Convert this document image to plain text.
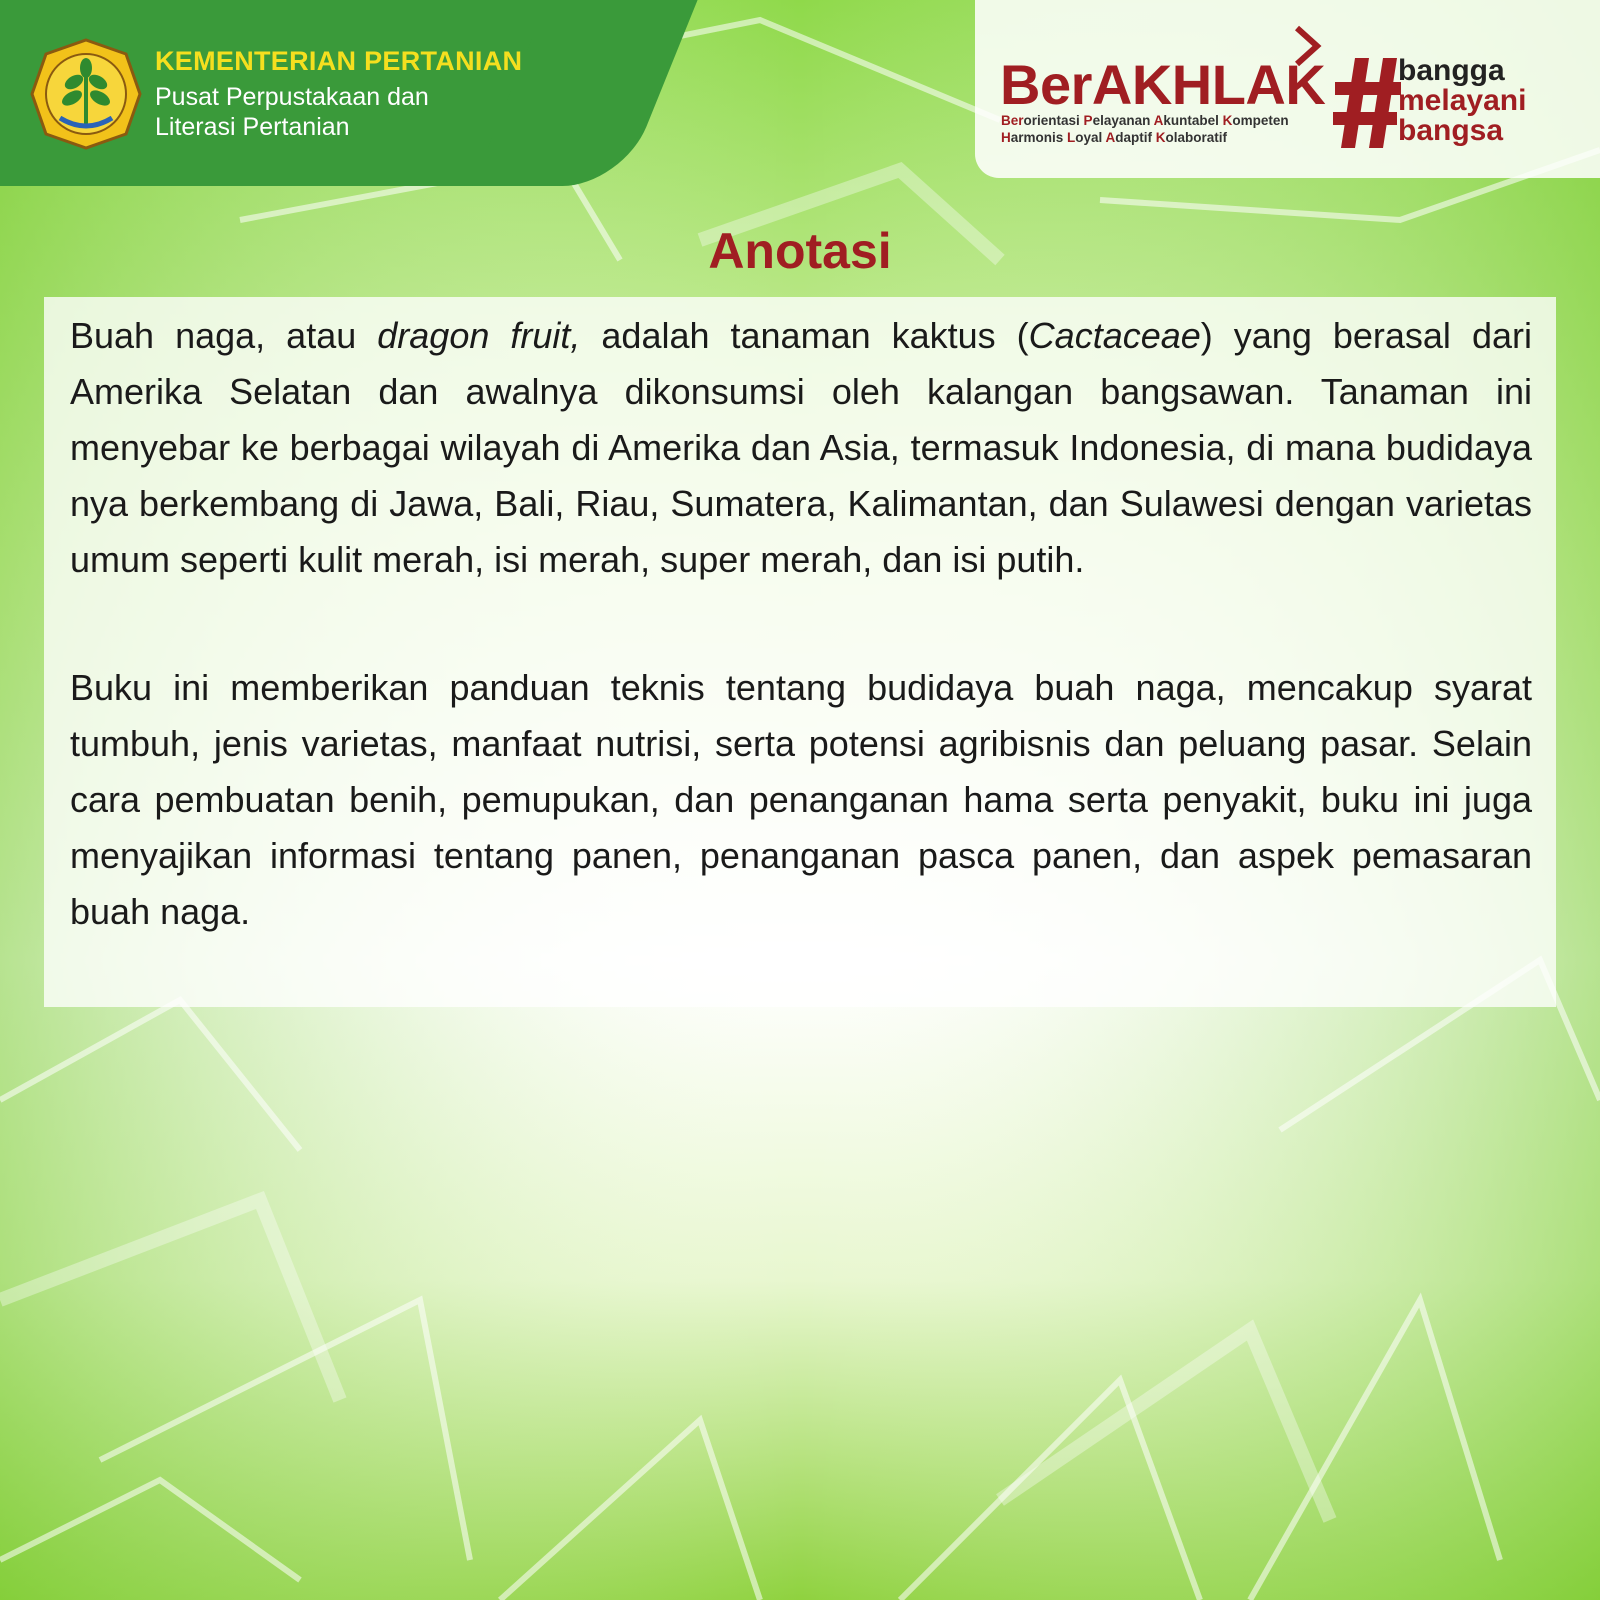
KEMENTERIAN PERTANIAN
Pusat Perpustakaan dan
Literasi Pertanian
BerAKHLAK
Berorientasi Pelayanan Akuntabel Kompeten
Harmonis Loyal Adaptif Kolaboratif
bangga
melayani
bangsa
Anotasi

Buah naga, atau dragon fruit, adalah tanaman kaktus (Cactaceae) yang berasal dari Amerika Selatan dan awalnya dikonsumsi oleh kalangan bangsawan. Tanaman ini menyebar ke berbagai wilayah di Amerika dan Asia, termasuk Indonesia, di mana budidaya nya berkembang di Jawa, Bali, Riau, Sumatera, Kalimantan, dan Sulawesi dengan varietas umum seperti kulit merah, isi merah, super merah, dan isi putih.

Buku ini memberikan panduan teknis tentang budidaya buah naga, mencakup syarat tumbuh, jenis varietas, manfaat nutrisi, serta potensi agribisnis dan peluang pasar. Selain cara pembuatan benih, pemupukan, dan penanganan hama serta penyakit, buku ini juga menyajikan informasi tentang panen, penanganan pasca panen, dan aspek pemasaran buah naga.
